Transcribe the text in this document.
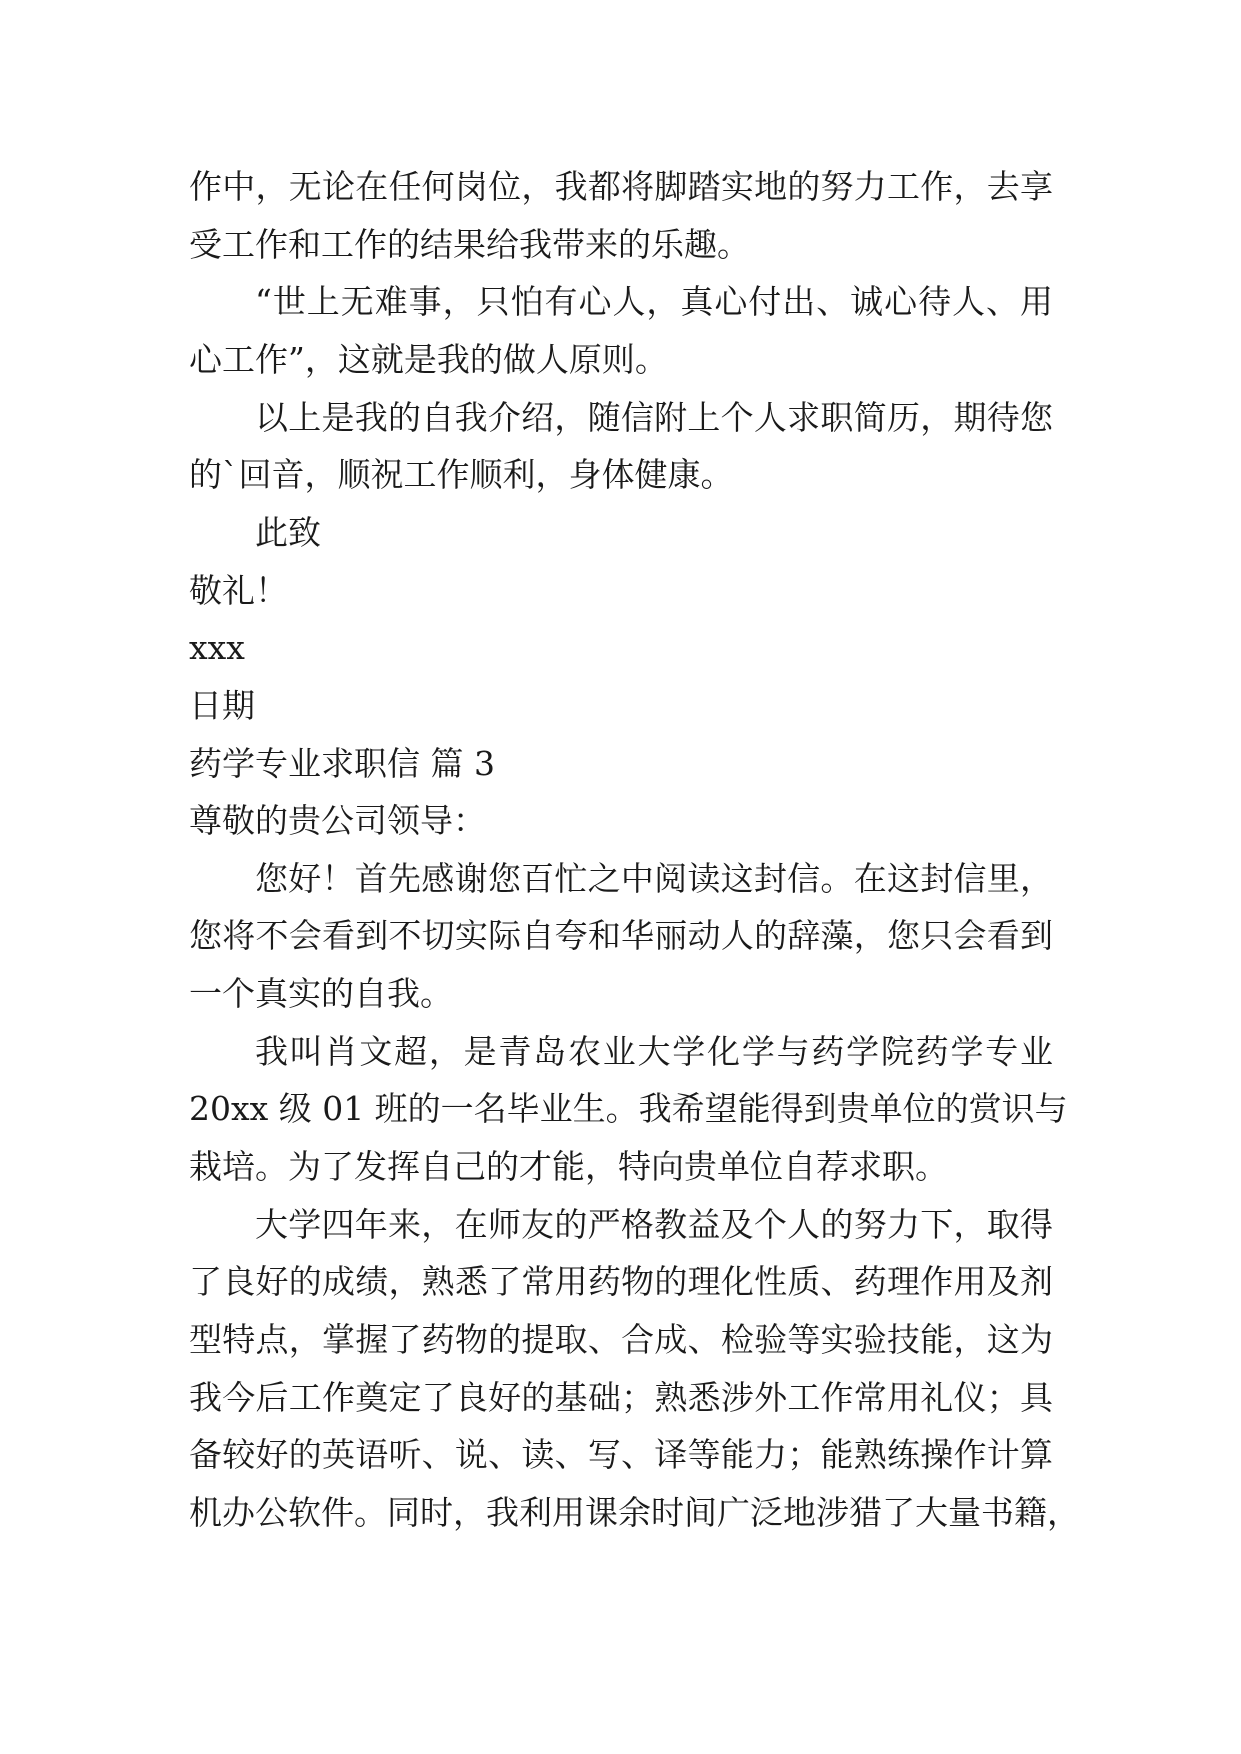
作中，无论在任何岗位，我都将脚踏实地的努力工作，去享
受工作和工作的结果给我带来的乐趣。
“世上无难事，只怕有心人，真心付出、诚心待人、用
心工作”，这就是我的做人原则。
以上是我的自我介绍，随信附上个人求职简历，期待您
的`回音，顺祝工作顺利，身体健康。
此致
敬礼！
xxx
日期
药学专业求职信 篇 3
尊敬的贵公司领导：
您好！首先感谢您百忙之中阅读这封信。在这封信里，
您将不会看到不切实际自夸和华丽动人的辞藻，您只会看到
一个真实的自我。
我叫肖文超，是青岛农业大学化学与药学院药学专业
20xx 级 01 班的一名毕业生。我希望能得到贵单位的赏识与
栽培。为了发挥自己的才能，特向贵单位自荐求职。
大学四年来，在师友的严格教益及个人的努力下，取得
了良好的成绩，熟悉了常用药物的理化性质、药理作用及剂
型特点，掌握了药物的提取、合成、检验等实验技能，这为
我今后工作奠定了良好的基础；熟悉涉外工作常用礼仪；具
备较好的英语听、说、读、写、译等能力；能熟练操作计算
机办公软件。同时，我利用课余时间广泛地涉猎了大量书籍，
